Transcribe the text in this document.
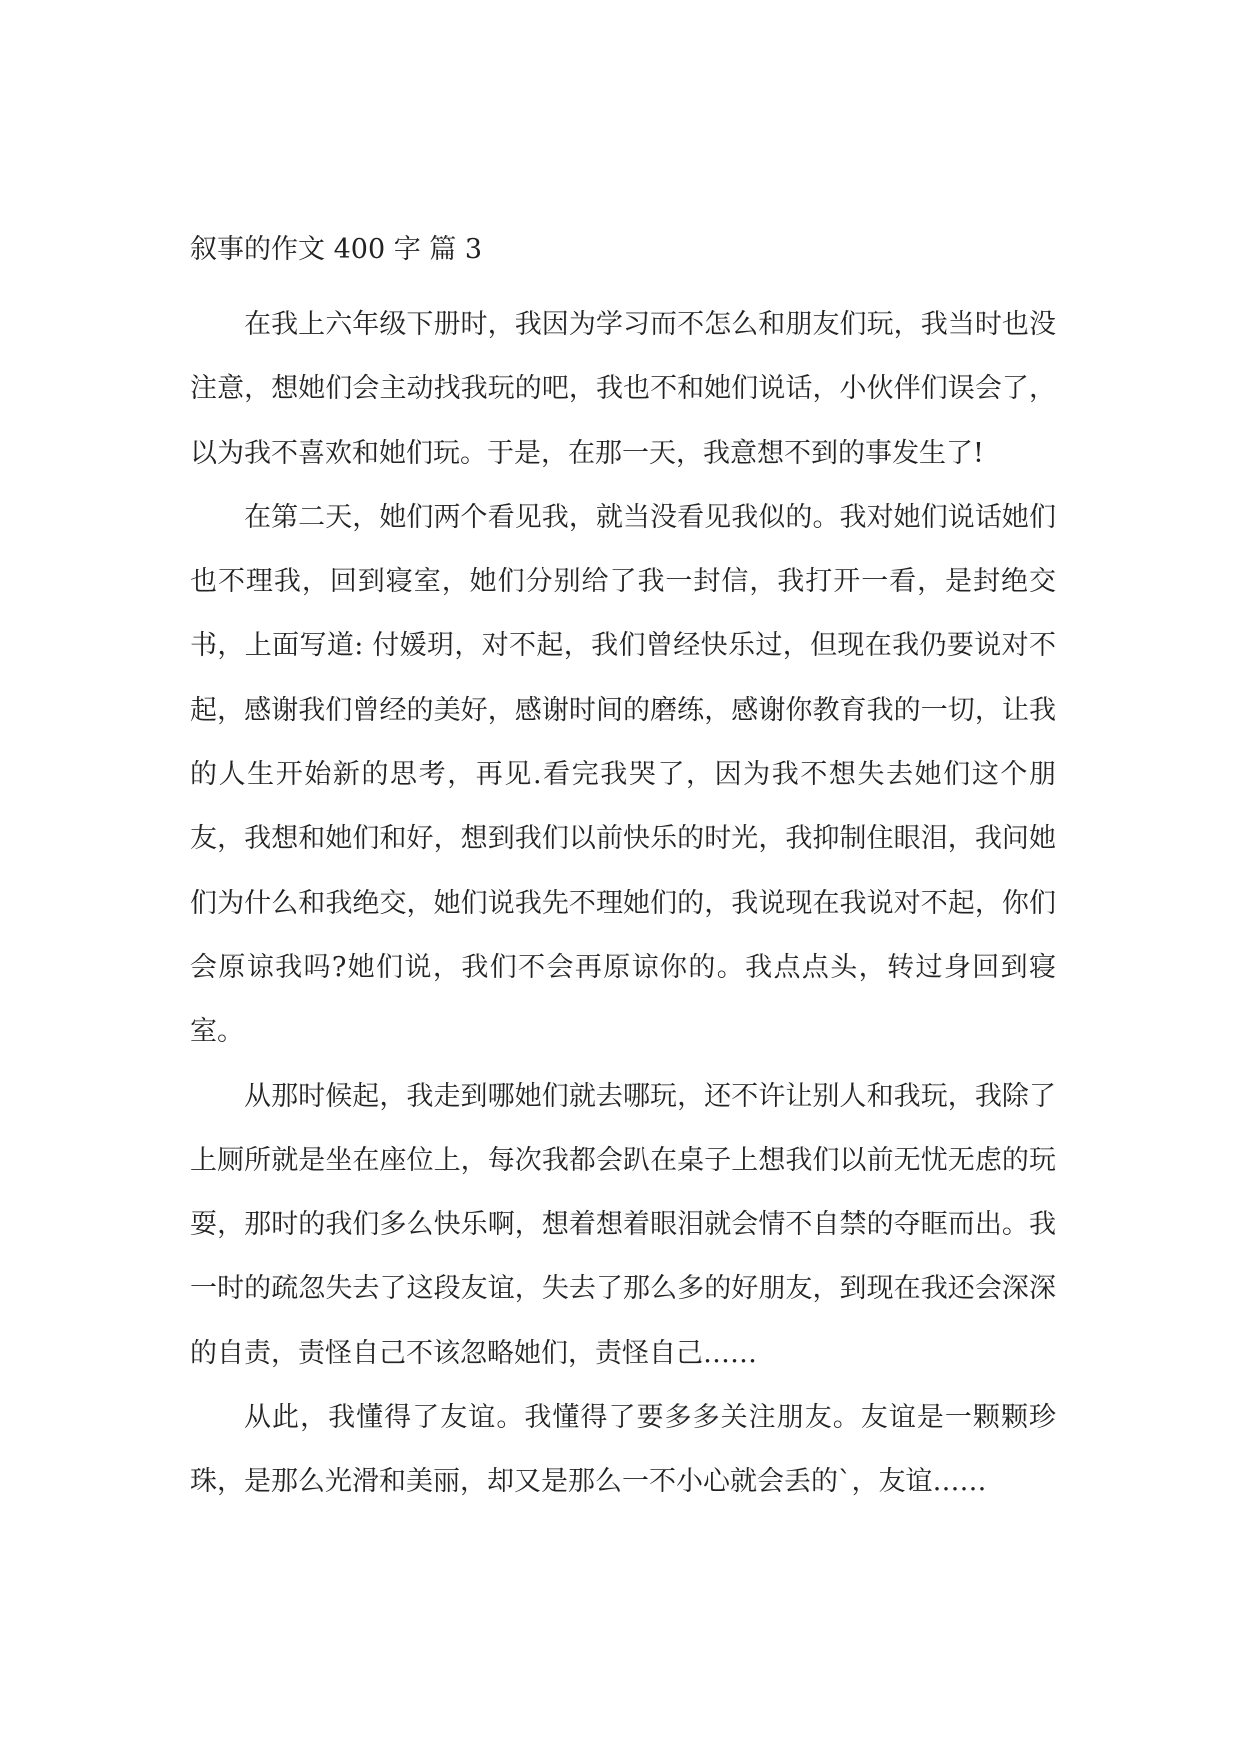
叙事的作文 400 字 篇 3

在我上六年级下册时，我因为学习而不怎么和朋友们玩，我当时也没注意，想她们会主动找我玩的吧，我也不和她们说话，小伙伴们误会了，以为我不喜欢和她们玩。于是，在那一天，我意想不到的事发生了!

在第二天，她们两个看见我，就当没看见我似的。我对她们说话她们也不理我，回到寝室，她们分别给了我一封信，我打开一看，是封绝交书，上面写道: 付媛玥，对不起，我们曾经快乐过，但现在我仍要说对不起，感谢我们曾经的美好，感谢时间的磨练，感谢你教育我的一切，让我的人生开始新的思考，再见.看完我哭了，因为我不想失去她们这个朋友，我想和她们和好，想到我们以前快乐的时光，我抑制住眼泪，我问她们为什么和我绝交，她们说我先不理她们的，我说现在我说对不起，你们会原谅我吗?她们说，我们不会再原谅你的。我点点头，转过身回到寝室。

从那时候起，我走到哪她们就去哪玩，还不许让别人和我玩，我除了上厕所就是坐在座位上，每次我都会趴在桌子上想我们以前无忧无虑的玩耍，那时的我们多么快乐啊，想着想着眼泪就会情不自禁的夺眶而出。我一时的疏忽失去了这段友谊，失去了那么多的好朋友，到现在我还会深深的自责，责怪自己不该忽略她们，责怪自己……

从此，我懂得了友谊。我懂得了要多多关注朋友。友谊是一颗颗珍珠，是那么光滑和美丽，却又是那么一不小心就会丢的`，友谊……
